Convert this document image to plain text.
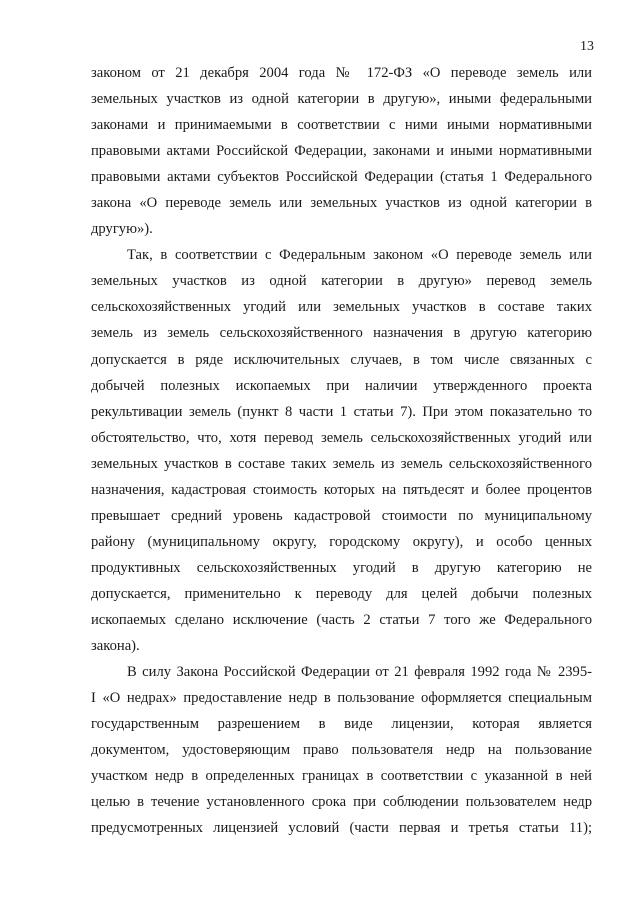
13
законом от 21 декабря 2004 года № 172-ФЗ «О переводе земель или
земельных участков из одной категории в другую», иными федеральными
законами и принимаемыми в соответствии с ними иными нормативными
правовыми актами Российской Федерации, законами и иными нормативными
правовыми актами субъектов Российской Федерации (статья 1 Федерального
закона «О переводе земель или земельных участков из одной категории в
другую»).
Так, в соответствии с Федеральным законом «О переводе земель или
земельных участков из одной категории в другую» перевод земель
сельскохозяйственных угодий или земельных участков в составе таких
земель из земель сельскохозяйственного назначения в другую категорию
допускается в ряде исключительных случаев, в том числе связанных с
добычей полезных ископаемых при наличии утвержденного проекта
рекультивации земель (пункт 8 части 1 статьи 7). При этом показательно то
обстоятельство, что, хотя перевод земель сельскохозяйственных угодий или
земельных участков в составе таких земель из земель сельскохозяйственного
назначения, кадастровая стоимость которых на пятьдесят и более процентов
превышает средний уровень кадастровой стоимости по муниципальному
району (муниципальному округу, городскому округу), и особо ценных
продуктивных сельскохозяйственных угодий в другую категорию не
допускается, применительно к переводу для целей добычи полезных
ископаемых сделано исключение (часть 2 статьи 7 того же Федерального
закона).
В силу Закона Российской Федерации от 21 февраля 1992 года № 2395-
I «О недрах» предоставление недр в пользование оформляется специальным
государственным разрешением в виде лицензии, которая является
документом, удостоверяющим право пользователя недр на пользование
участком недр в определенных границах в соответствии с указанной в ней
целью в течение установленного срока при соблюдении пользователем недр
предусмотренных лицензией условий (части первая и третья статьи 11);
